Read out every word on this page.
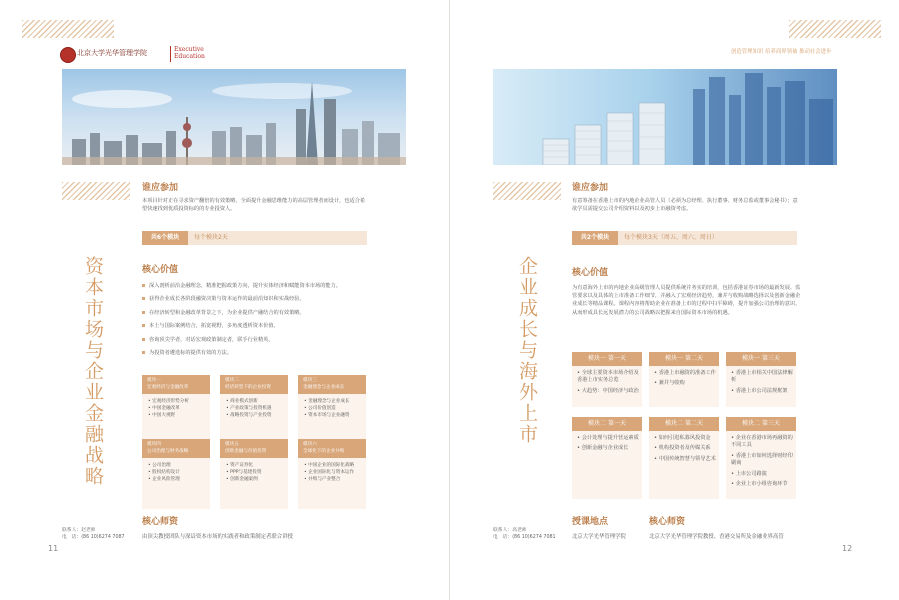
北京大学光华管理学院	Executive
Education
谁应参加
本项目针对正在寻求资产翻倍的有效策略、全面提升金融思维能力的高层管理者而设计，也适合希望快速找到优质投资标的的专业投资人。
共6个模块	每个模块2天
资本市场与企业金融战略	核心价值
深入剖析前沿金融理念，精准把握政策方向，提升实体经济和赋能资本市场的能力。
获得企业成长各阶段融资决策与资本运作的最前沿知识和实战经验。
在经济转型和金融改革背景之下，为企业提供产融结合的有效策略。
本土与国际案例结合，拓宽视野，多角度透析资本价值。
咨询顶尖学者，对话宏观政策制定者，联手行业精英。
为投资者遴选标的提供有效的方法。
模块一
宏观经济与金融改革
• 宏观经济形势分析
• 中国金融改革
• 中国大视野
模块二
经济转型下的企业投资
• 商业模式创新
• 产业政策与投资机遇
• 战略投资与产业投资
模块三
金融理念与企业成长
• 金融理念与企业成长
• 公司价值创造
• 资本市场与企业融资
模块四
公司治理与财务战略
• 公司治理
• 股权结构设计
• 企业风险管理
模块五
创新金融与价值投资
• 资产证券化
• PPP与基建投资
• 创新金融案例
模块六
全球化下的企业并购
• 中国企业的国际化战略
• 企业国际化与资本运作
• 并购与产业整合
联系人：赵老师
电　话：(86 10)6274 7087
核心师资
由顶尖教授团队与深谙资本市场的实践者和政策制定者联合讲授
11
创造管理知识 培养商界领袖 推动社会进步
谁应参加
有意筹备在香港上市的内地企业高管人员（必须为总经理、执行董事、财务总监或董事会秘书）；意欲学员需提交公司介绍资料以及初步上市融资考虑。
共2个模块	每个模块3天（周五、周六、周日）
企业成长与海外上市	核心价值
为有意海外上市的内地企业高级管理人员提供系统并务实的培训，包括香港证券市场的最新发展、监管要求以及具体的上市准备工作细节，并融入了宏观经济趋势，兼并与收购战略选择以及创新金融企业成长等精品课程。课程内容将帮助企业在准备上市的过程中扫平障碍，提升加强公司治理的意识，从而形成具长远发展潜力的公司战略以把握来自国际资本市场的机遇。
模块一 第一天
• 全球主要资本市场介绍及香港上市实务总览
• 大趋势：中国经济与政治
模块一 第二天
• 香港上市融资的准备工作
• 兼并与收购
模块一 第三天
• 香港上市相关中国法律解析
• 香港上市公司法规框架
模块二 第一天
• 会计处理与提升营运素质
• 创新金融与企业成长
模块二 第二天
• 如何引进私募风投资金
• 机构投资者及传媒关系
• 中国传统智慧与领导艺术
模块二 第三天
• 企业在香港市场再融资的不同工具
• 香港上市如何选择财经印刷商
• 上市公司路演
• 企业上市小组咨询环节
联系人：高老师
电　话：(86 10)6274 7081
授课地点
北京大学光华管理学院
核心师资
北京大学光华管理学院教授、香港交易所及金融业界高管
12
